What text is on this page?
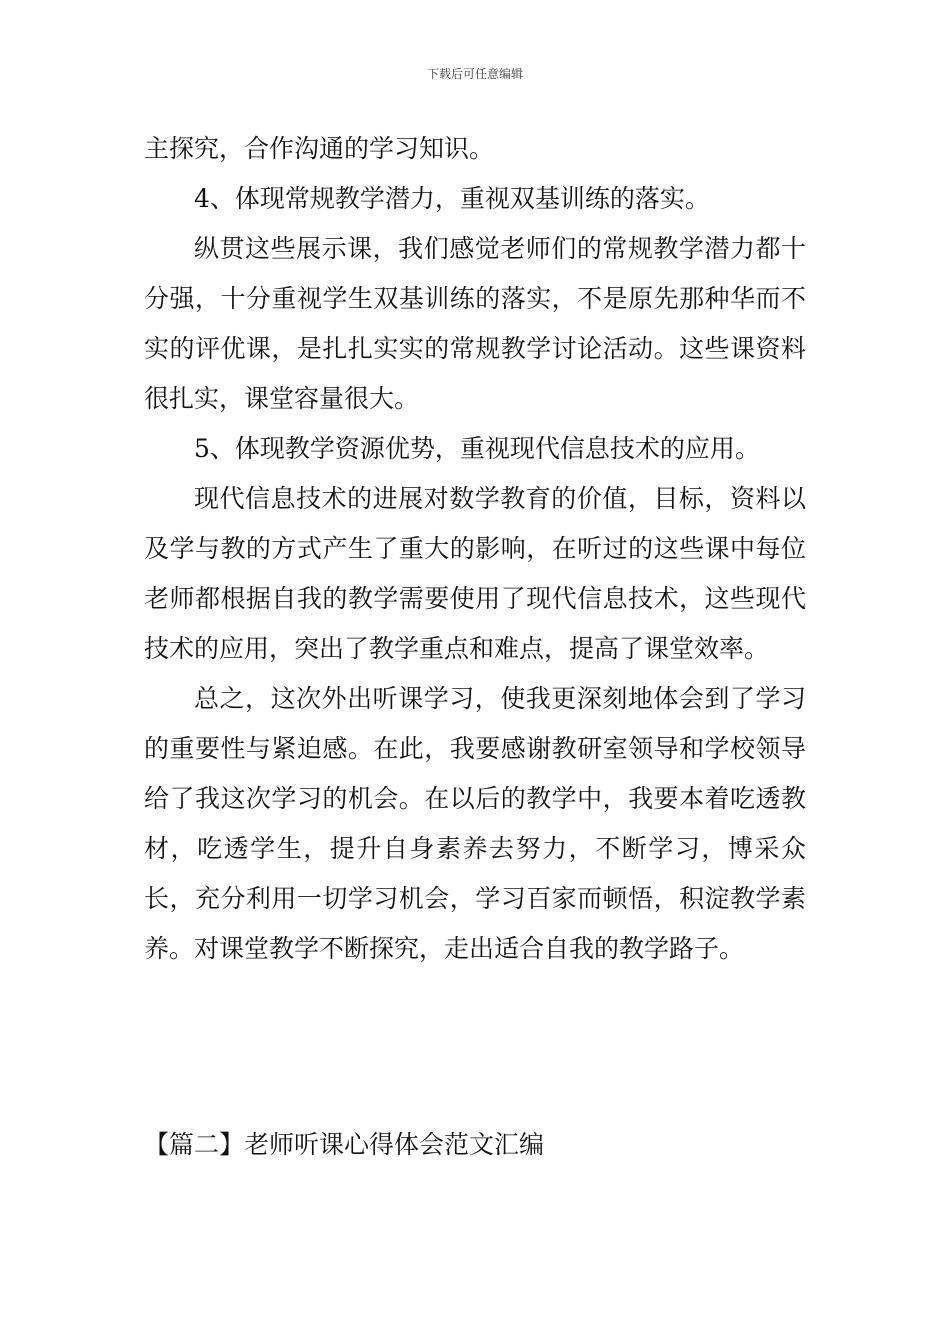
下载后可任意编辑

主探究，合作沟通的学习知识。

4、体现常规教学潜力，重视双基训练的落实。

纵贯这些展示课，我们感觉老师们的常规教学潜力都十分强，十分重视学生双基训练的落实，不是原先那种华而不实的评优课，是扎扎实实的常规教学讨论活动。这些课资料很扎实，课堂容量很大。

5、体现教学资源优势，重视现代信息技术的应用。

现代信息技术的进展对数学教育的价值，目标，资料以及学与教的方式产生了重大的影响，在听过的这些课中每位老师都根据自我的教学需要使用了现代信息技术，这些现代技术的应用，突出了教学重点和难点，提高了课堂效率。

总之，这次外出听课学习，使我更深刻地体会到了学习的重要性与紧迫感。在此，我要感谢教研室领导和学校领导给了我这次学习的机会。在以后的教学中，我要本着吃透教材，吃透学生，提升自身素养去努力，不断学习，博采众长，充分利用一切学习机会，学习百家而顿悟，积淀教学素养。对课堂教学不断探究，走出适合自我的教学路子。

【篇二】老师听课心得体会范文汇编
